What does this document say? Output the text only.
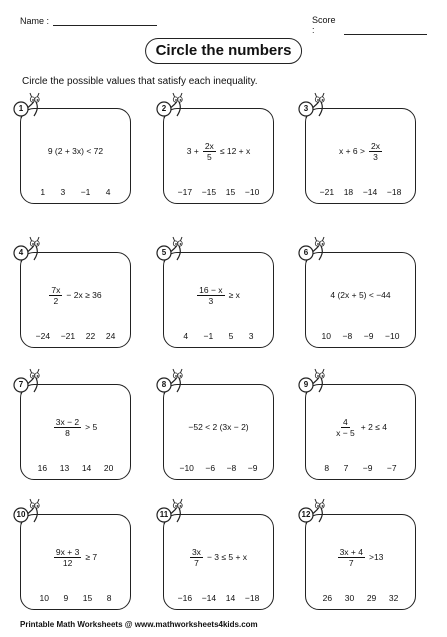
Name :	Score :
Circle the numbers
Circle the possible values that satisfy each inequality.
9 (2 + 3x) < 72
1 3 −1 4
1
$3 + \frac{2x}{5} \le 12 + x$
−17 −15 15 −10
2
$x + 6 > \frac{2x}{3}$
−21 18 −14 −18
3
$\frac{7x}{2} - 2x \ge 36$
−24 −21 22 24
4
$\frac{16 - x}{3} \ge x$
4 −1 5 3
5
4 (2x + 5) < −44
10 −8 −9 −10
6
$\frac{3x - 2}{8} > 5$
16 13 14 20
7
−52 < 2 (3x − 2)
−10 −6 −8 −9
8
$\frac{4}{x - 5} + 2 \le 4$
8 7 −9 −7
9
$\frac{9x + 3}{12} \ge 7$
10 9 15 8
10
$\frac{3x}{7} - 3 \le 5 + x$
−16 −14 14 −18
11
$\frac{3x + 4}{7} >13$
26 30 29 32
12
Printable Math Worksheets @ www.mathworksheets4kids.com
